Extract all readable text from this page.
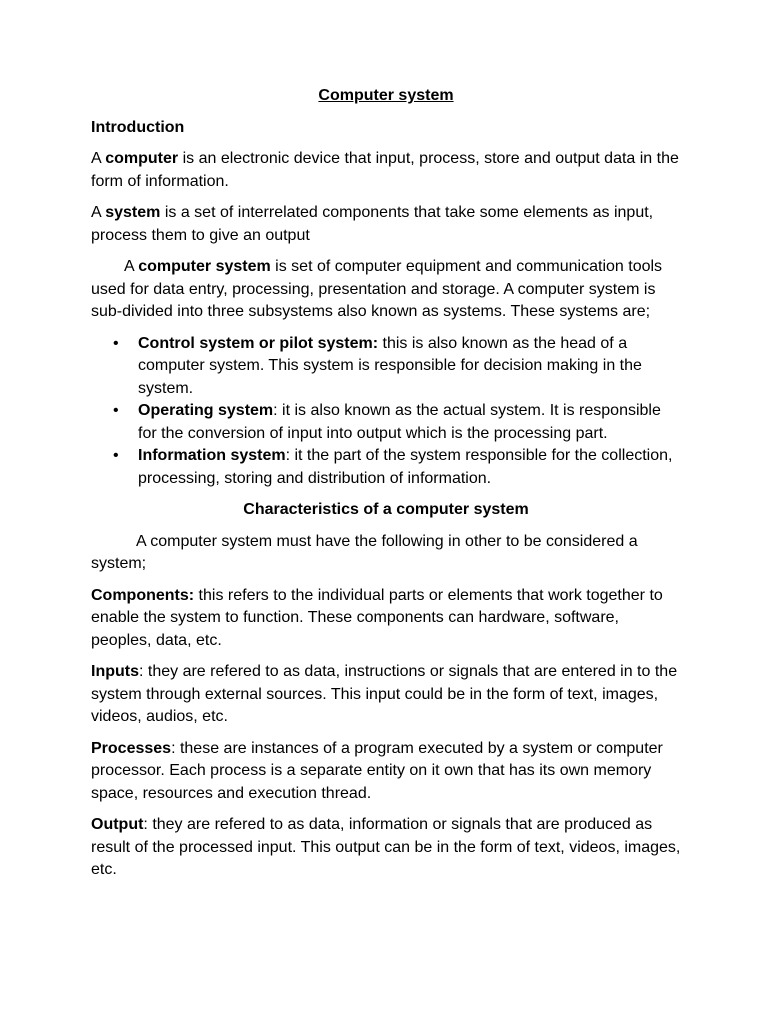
Computer system

Introduction

A computer is an electronic device that input, process, store and output data in the form of information.

A system is a set of interrelated components that take some elements as input, process them to give an output

A computer system is set of computer equipment and communication tools used for data entry, processing, presentation and storage. A computer system is sub-divided into three subsystems also known as systems. These systems are;

• Control system or pilot system: this is also known as the head of a computer system. This system is responsible for decision making in the system.
• Operating system: it is also known as the actual system. It is responsible for the conversion of input into output which is the processing part.
• Information system: it the part of the system responsible for the collection, processing, storing and distribution of information.

Characteristics of a computer system

A computer system must have the following in other to be considered a system;

Components: this refers to the individual parts or elements that work together to enable the system to function. These components can hardware, software, peoples, data, etc.

Inputs: they are refered to as data, instructions or signals that are entered in to the system through external sources. This input could be in the form of text, images, videos, audios, etc.

Processes: these are instances of a program executed by a system or computer processor. Each process is a separate entity on it own that has its own memory space, resources and execution thread.

Output: they are refered to as data, information or signals that are produced as result of the processed input. This output can be in the form of text, videos, images, etc.
